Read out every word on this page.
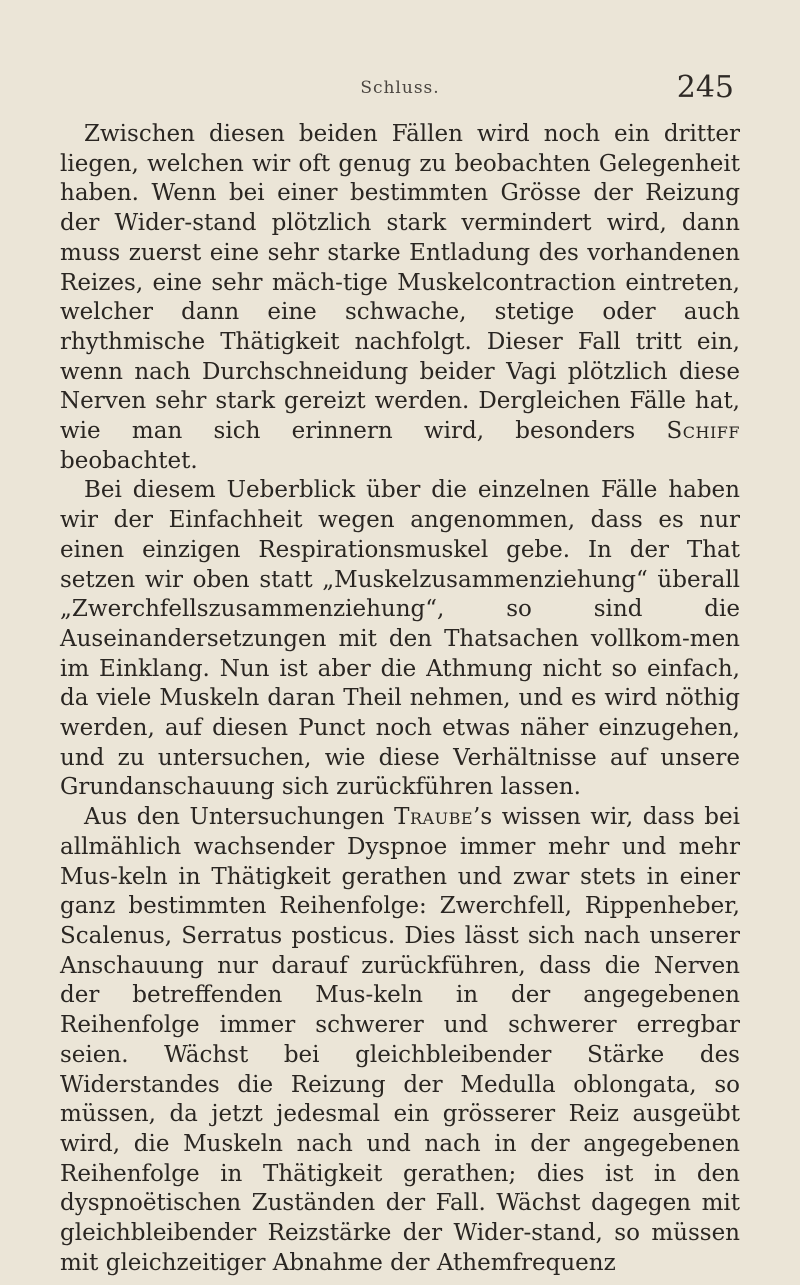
Schluss.	245

Zwischen diesen beiden Fällen wird noch ein dritter liegen, welchen wir oft genug zu beobachten Gelegenheit haben. Wenn bei einer bestimmten Grösse der Reizung der Wider-stand plötzlich stark vermindert wird, dann muss zuerst eine sehr starke Entladung des vorhandenen Reizes, eine sehr mäch-tige Muskelcontraction eintreten, welcher dann eine schwache, stetige oder auch rhythmische Thätigkeit nachfolgt. Dieser Fall tritt ein, wenn nach Durchschneidung beider Vagi plötzlich diese Nerven sehr stark gereizt werden. Dergleichen Fälle hat, wie man sich erinnern wird, besonders Schiff beobachtet.

Bei diesem Ueberblick über die einzelnen Fälle haben wir der Einfachheit wegen angenommen, dass es nur einen einzigen Respirationsmuskel gebe. In der That setzen wir oben statt „Muskelzusammenziehung“ überall „Zwerchfellszusammenziehung“, so sind die Auseinandersetzungen mit den Thatsachen vollkom-men im Einklang. Nun ist aber die Athmung nicht so einfach, da viele Muskeln daran Theil nehmen, und es wird nöthig werden, auf diesen Punct noch etwas näher einzugehen, und zu untersuchen, wie diese Verhältnisse auf unsere Grundanschauung sich zurückführen lassen.

Aus den Untersuchungen Traube’s wissen wir, dass bei allmählich wachsender Dyspnoe immer mehr und mehr Mus-keln in Thätigkeit gerathen und zwar stets in einer ganz bestimmten Reihenfolge: Zwerchfell, Rippenheber, Scalenus, Serratus posticus. Dies lässt sich nach unserer Anschauung nur darauf zurückführen, dass die Nerven der betreffenden Mus-keln in der angegebenen Reihenfolge immer schwerer und schwerer erregbar seien. Wächst bei gleichbleibender Stärke des Widerstandes die Reizung der Medulla oblongata, so müssen, da jetzt jedesmal ein grösserer Reiz ausgeübt wird, die Muskeln nach und nach in der angegebenen Reihenfolge in Thätigkeit gerathen; dies ist in den dyspnoëtischen Zuständen der Fall. Wächst dagegen mit gleichbleibender Reizstärke der Wider-stand, so müssen mit gleichzeitiger Abnahme der Athemfrequenz
